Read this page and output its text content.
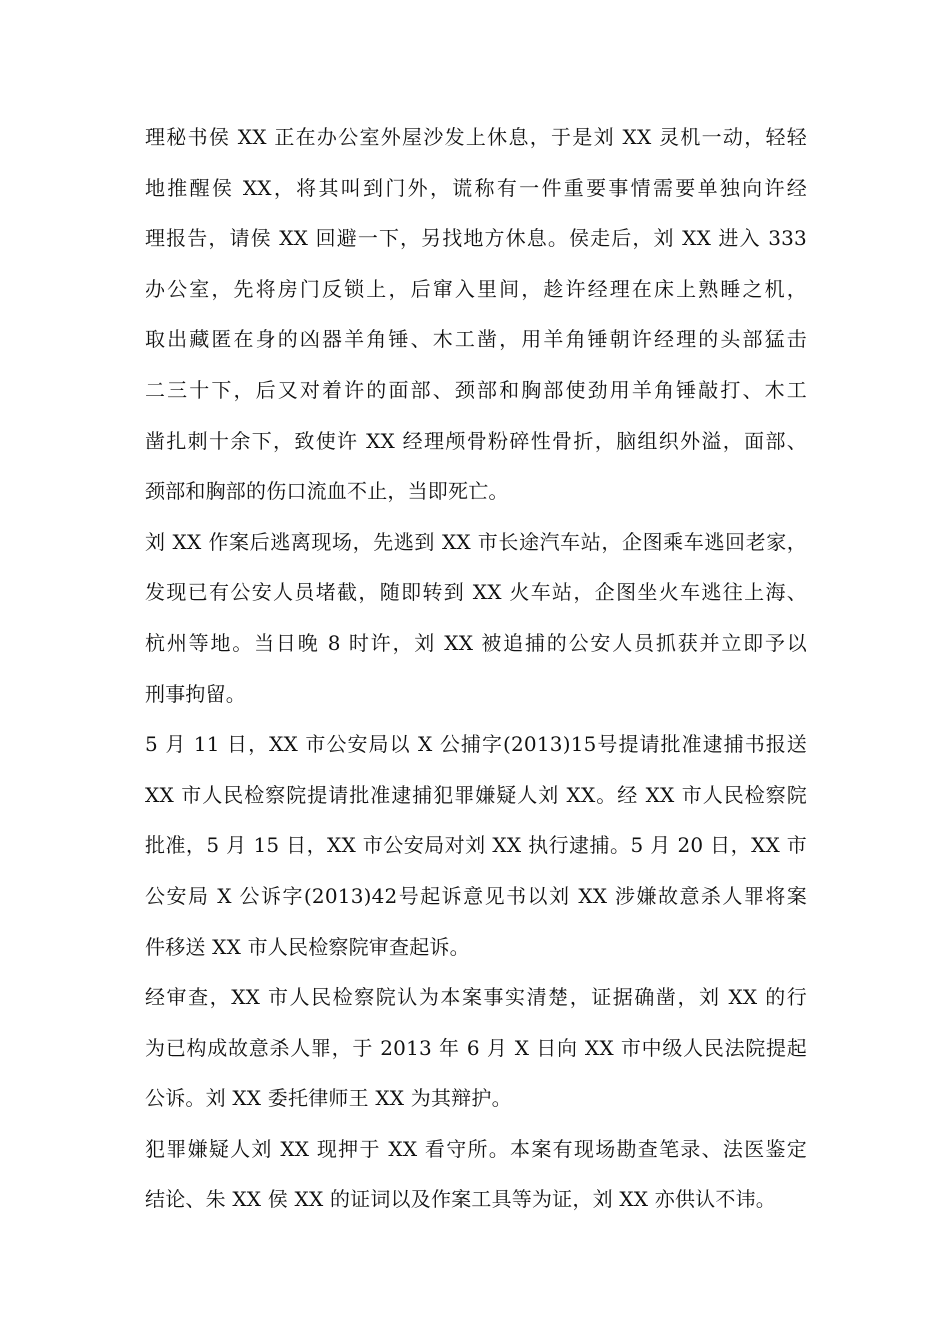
理秘书侯 XX 正在办公室外屋沙发上休息，于是刘 XX 灵机一动，轻轻
地推醒侯 XX，将其叫到门外，谎称有一件重要事情需要单独向许经
理报告，请侯 XX 回避一下，另找地方休息。侯走后，刘 XX 进入 333
办公室，先将房门反锁上，后窜入里间，趁许经理在床上熟睡之机，
取出藏匿在身的凶器羊角锤、木工凿，用羊角锤朝许经理的头部猛击
二三十下，后又对着许的面部、颈部和胸部使劲用羊角锤敲打、木工
凿扎刺十余下，致使许 XX 经理颅骨粉碎性骨折，脑组织外溢，面部、
颈部和胸部的伤口流血不止，当即死亡。
刘 XX 作案后逃离现场，先逃到 XX 市长途汽车站，企图乘车逃回老家，
发现已有公安人员堵截，随即转到 XX 火车站，企图坐火车逃往上海、
杭州等地。当日晚 8 时许，刘 XX 被追捕的公安人员抓获并立即予以
刑事拘留。
5 月 11 日，XX 市公安局以 X 公捕字(2013)15号提请批准逮捕书报送
XX 市人民检察院提请批准逮捕犯罪嫌疑人刘 XX。经 XX 市人民检察院
批准，5 月 15 日，XX 市公安局对刘 XX 执行逮捕。5 月 20 日，XX 市
公安局 X 公诉字(2013)42号起诉意见书以刘 XX 涉嫌故意杀人罪将案
件移送 XX 市人民检察院审查起诉。
经审查，XX 市人民检察院认为本案事实清楚，证据确凿，刘 XX 的行
为已构成故意杀人罪，于 2013 年 6 月 X 日向 XX 市中级人民法院提起
公诉。刘 XX 委托律师王 XX 为其辩护。
犯罪嫌疑人刘 XX 现押于 XX 看守所。本案有现场勘查笔录、法医鉴定
结论、朱 XX 侯 XX 的证词以及作案工具等为证，刘 XX 亦供认不讳。
